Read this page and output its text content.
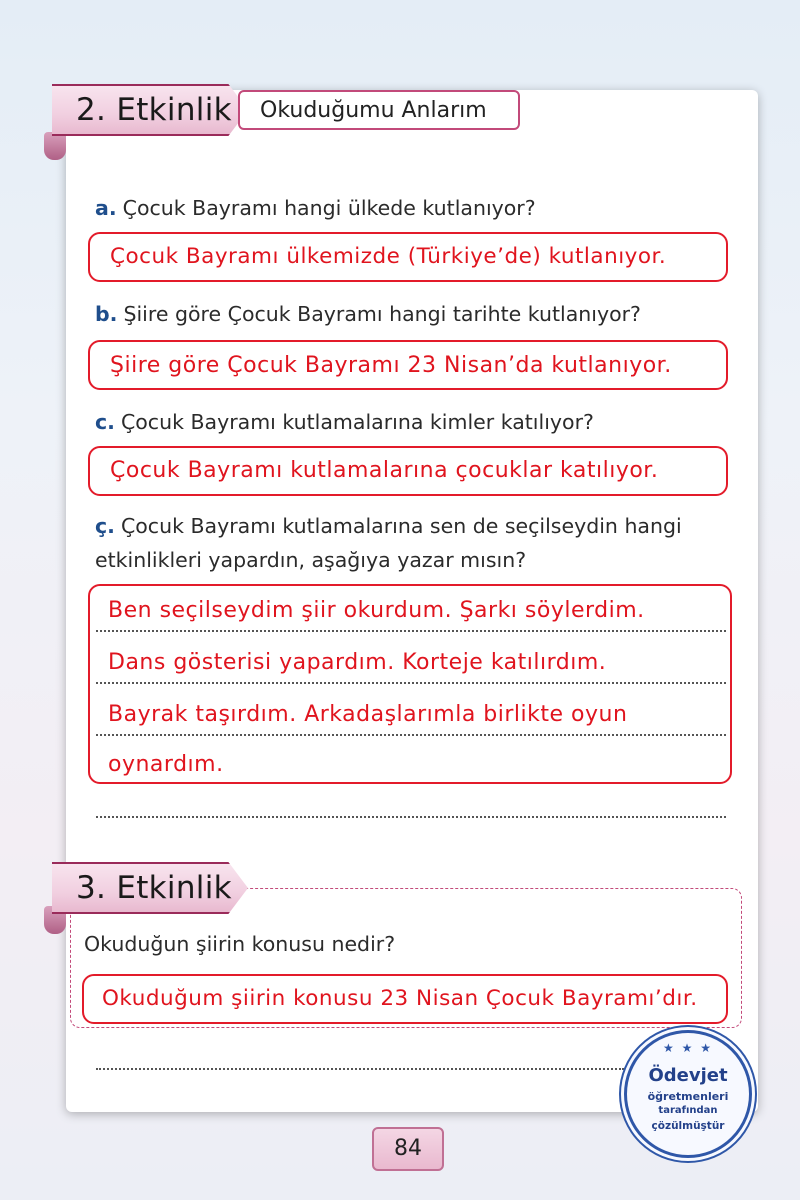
2. Etkinlik Okuduğumu Anlarım
a. Çocuk Bayramı hangi ülkede kutlanıyor?
Çocuk Bayramı ülkemizde (Türkiye’de) kutlanıyor.
b. Şiire göre Çocuk Bayramı hangi tarihte kutlanıyor?
Şiire göre Çocuk Bayramı 23 Nisan’da kutlanıyor.
c. Çocuk Bayramı kutlamalarına kimler katılıyor?
Çocuk Bayramı kutlamalarına çocuklar katılıyor.
ç. Çocuk Bayramı kutlamalarına sen de seçilseydin hangi
etkinlikleri yapardın, aşağıya yazar mısın?
Ben seçilseydim şiir okurdum. Şarkı söylerdim.
Dans gösterisi yapardım. Korteje katılırdım.
Bayrak taşırdım. Arkadaşlarımla birlikte oyun
oynardım.
3. Etkinlik
Okuduğun şiirin konusu nedir?
Okuduğum şiirin konusu 23 Nisan Çocuk Bayramı’dır.
84
★ ★ ★
Ödevjet
öğretmenleri
tarafından
çözülmüştür
